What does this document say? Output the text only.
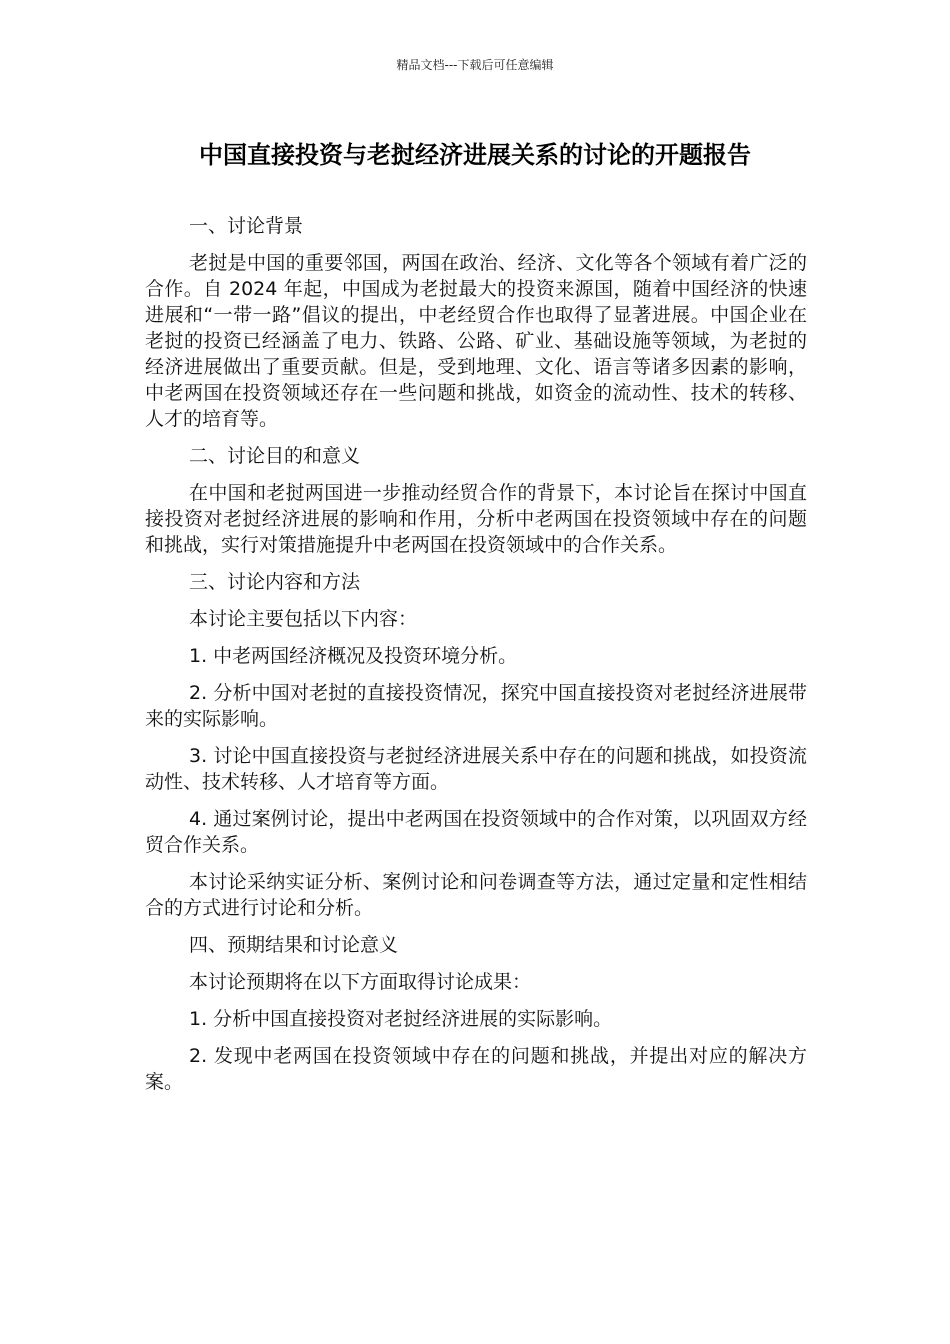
精品文档---下载后可任意编辑
中国直接投资与老挝经济进展关系的讨论的开题报告

一、讨论背景

老挝是中国的重要邻国，两国在政治、经济、文化等各个领域有着广泛的合作。自 2024 年起，中国成为老挝最大的投资来源国，随着中国经济的快速进展和“一带一路”倡议的提出，中老经贸合作也取得了显著进展。中国企业在老挝的投资已经涵盖了电力、铁路、公路、矿业、基础设施等领域，为老挝的经济进展做出了重要贡献。但是，受到地理、文化、语言等诸多因素的影响，中老两国在投资领域还存在一些问题和挑战，如资金的流动性、技术的转移、人才的培育等。

二、讨论目的和意义

在中国和老挝两国进一步推动经贸合作的背景下，本讨论旨在探讨中国直接投资对老挝经济进展的影响和作用，分析中老两国在投资领域中存在的问题和挑战，实行对策措施提升中老两国在投资领域中的合作关系。

三、讨论内容和方法

本讨论主要包括以下内容：

1. 中老两国经济概况及投资环境分析。

2. 分析中国对老挝的直接投资情况，探究中国直接投资对老挝经济进展带来的实际影响。

3. 讨论中国直接投资与老挝经济进展关系中存在的问题和挑战，如投资流动性、技术转移、人才培育等方面。

4. 通过案例讨论，提出中老两国在投资领域中的合作对策，以巩固双方经贸合作关系。

本讨论采纳实证分析、案例讨论和问卷调查等方法，通过定量和定性相结合的方式进行讨论和分析。

四、预期结果和讨论意义

本讨论预期将在以下方面取得讨论成果：

1. 分析中国直接投资对老挝经济进展的实际影响。

2. 发现中老两国在投资领域中存在的问题和挑战，并提出对应的解决方案。
